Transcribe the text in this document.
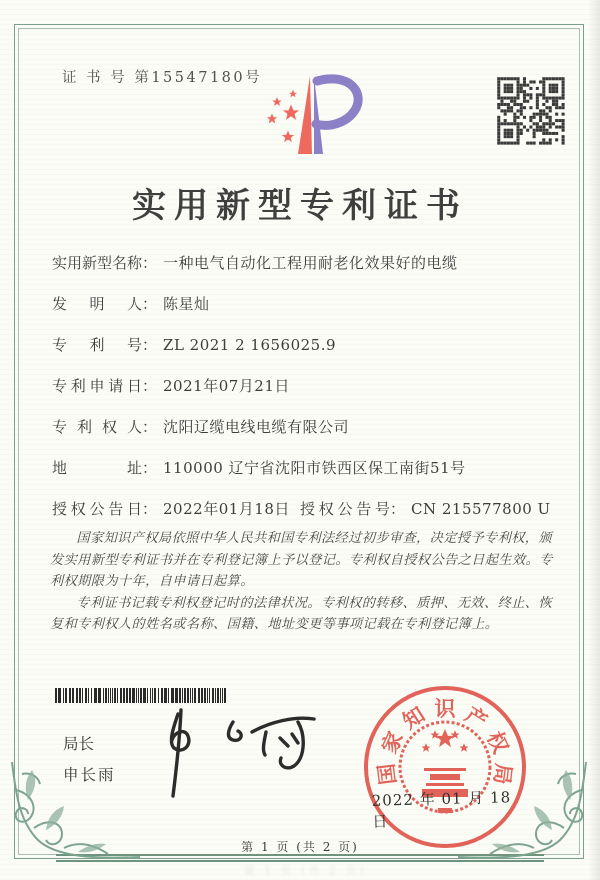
证 书 号 第15547180号
实用新型专利证书
实用新型名称： 一种电气自动化工程用耐老化效果好的电缆
发明人： 陈星灿
专利号： ZL 2021 2 1656025.9
专利申请日： 2021年07月21日
专利权人： 沈阳辽缆电线电缆有限公司
地址： 110000 辽宁省沈阳市铁西区保工南街51号
授权公告日： 2022年01月18日 授权公告号： CN 215577800 U

国家知识产权局依照中华人民共和国专利法经过初步审查，决定授予专利权，颁发实用新型专利证书并在专利登记簿上予以登记。专利权自授权公告之日起生效。专利权期限为十年，自申请日起算。

专利证书记载专利权登记时的法律状况。专利权的转移、质押、无效、终止、恢复和专利权人的姓名或名称、国籍、地址变更等事项记载在专利登记簿上。

局长
申长雨	国
家
知 识 产
权
局
2022 年 01 月 18 日
第 1 页 (共 2 页)
第 1 页 (共 2 页)
